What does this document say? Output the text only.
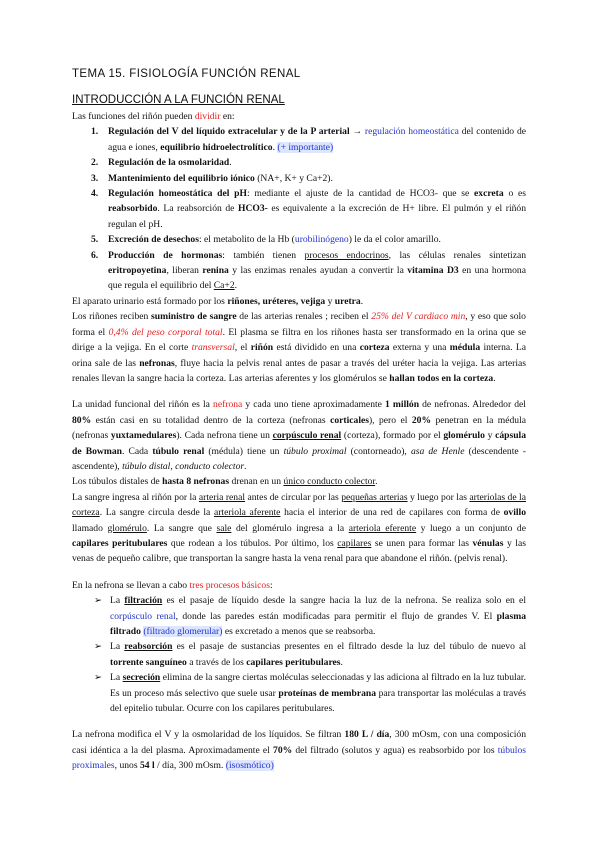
TEMA 15. FISIOLOGÍA FUNCIÓN RENAL
INTRODUCCIÓN A LA FUNCIÓN RENAL

Las funciones del riñón pueden dividir en:

1. Regulación del V del líquido extracelular y de la P arterial → regulación homeostática del contenido de agua e iones, equilibrio hidroelectrolítico. (+ importante)
2. Regulación de la osmolaridad.
3. Mantenimiento del equilibrio iónico (NA+, K+ y Ca+2).
4. Regulación homeostática del pH: mediante el ajuste de la cantidad de HCO3- que se excreta o es reabsorbido. La reabsorción de HCO3- es equivalente a la excreción de H+ libre. El pulmón y el riñón regulan el pH.
5. Excreción de desechos: el metabolito de la Hb (urobilinógeno) le da el color amarillo.
6. Producción de hormonas: también tienen procesos endocrinos, las células renales sintetizan eritropoyetina, liberan renina y las enzimas renales ayudan a convertir la vitamina D3 en una hormona que regula el equilibrio del Ca+2.

El aparato urinario está formado por los riñones, uréteres, vejiga y uretra.

Los riñones reciben suministro de sangre de las arterias renales ; reciben el 25% del V cardiaco min, y eso que solo forma el 0,4% del peso corporal total. El plasma se filtra en los riñones hasta ser transformado en la orina que se dirige a la vejiga. En el corte transversal, el riñón está dividido en una corteza externa y una médula interna. La orina sale de las nefronas, fluye hacia la pelvis renal antes de pasar a través del uréter hacia la vejiga. Las arterias renales llevan la sangre hacia la corteza. Las arterias aferentes y los glomérulos se hallan todos en la corteza.

La unidad funcional del riñón es la nefrona y cada uno tiene aproximadamente 1 millón de nefronas. Alrededor del 80% están casi en su totalidad dentro de la corteza (nefronas corticales), pero el 20% penetran en la médula (nefronas yuxtamedulares). Cada nefrona tiene un corpúsculo renal (corteza), formado por el glomérulo y cápsula de Bowman. Cada túbulo renal (médula) tiene un túbulo proximal (contorneado), asa de Henle (descendente - ascendente), túbulo distal, conducto colector.

Los túbulos distales de hasta 8 nefronas drenan en un único conducto colector.

La sangre ingresa al riñón por la arteria renal antes de circular por las pequeñas arterias y luego por las arteriolas de la corteza. La sangre circula desde la arteriola aferente hacia el interior de una red de capilares con forma de ovillo llamado glomérulo. La sangre que sale del glomérulo ingresa a la arteriola eferente y luego a un conjunto de capilares peritubulares que rodean a los túbulos. Por último, los capilares se unen para formar las vénulas y las venas de pequeño calibre, que transportan la sangre hasta la vena renal para que abandone el riñón. (pelvis renal).

En la nefrona se llevan a cabo tres procesos básicos:

➢ La filtración es el pasaje de líquido desde la sangre hacia la luz de la nefrona. Se realiza solo en el corpúsculo renal, donde las paredes están modificadas para permitir el flujo de grandes V. El plasma filtrado (filtrado glomerular) es excretado a menos que se reabsorba.
➢ La reabsorción es el pasaje de sustancias presentes en el filtrado desde la luz del túbulo de nuevo al torrente sanguíneo a través de los capilares peritubulares.
➢ La secreción elimina de la sangre ciertas moléculas seleccionadas y las adiciona al filtrado en la luz tubular. Es un proceso más selectivo que suele usar proteínas de membrana para transportar las moléculas a través del epitelio tubular. Ocurre con los capilares peritubulares.

La nefrona modifica el V y la osmolaridad de los líquidos. Se filtran 180 L / día, 300 mOsm, con una composición casi idéntica a la del plasma. Aproximadamente el 70% del filtrado (solutos y agua) es reabsorbido por los túbulos proximales, unos 54 l / día, 300 mOsm. (isosmótico)
